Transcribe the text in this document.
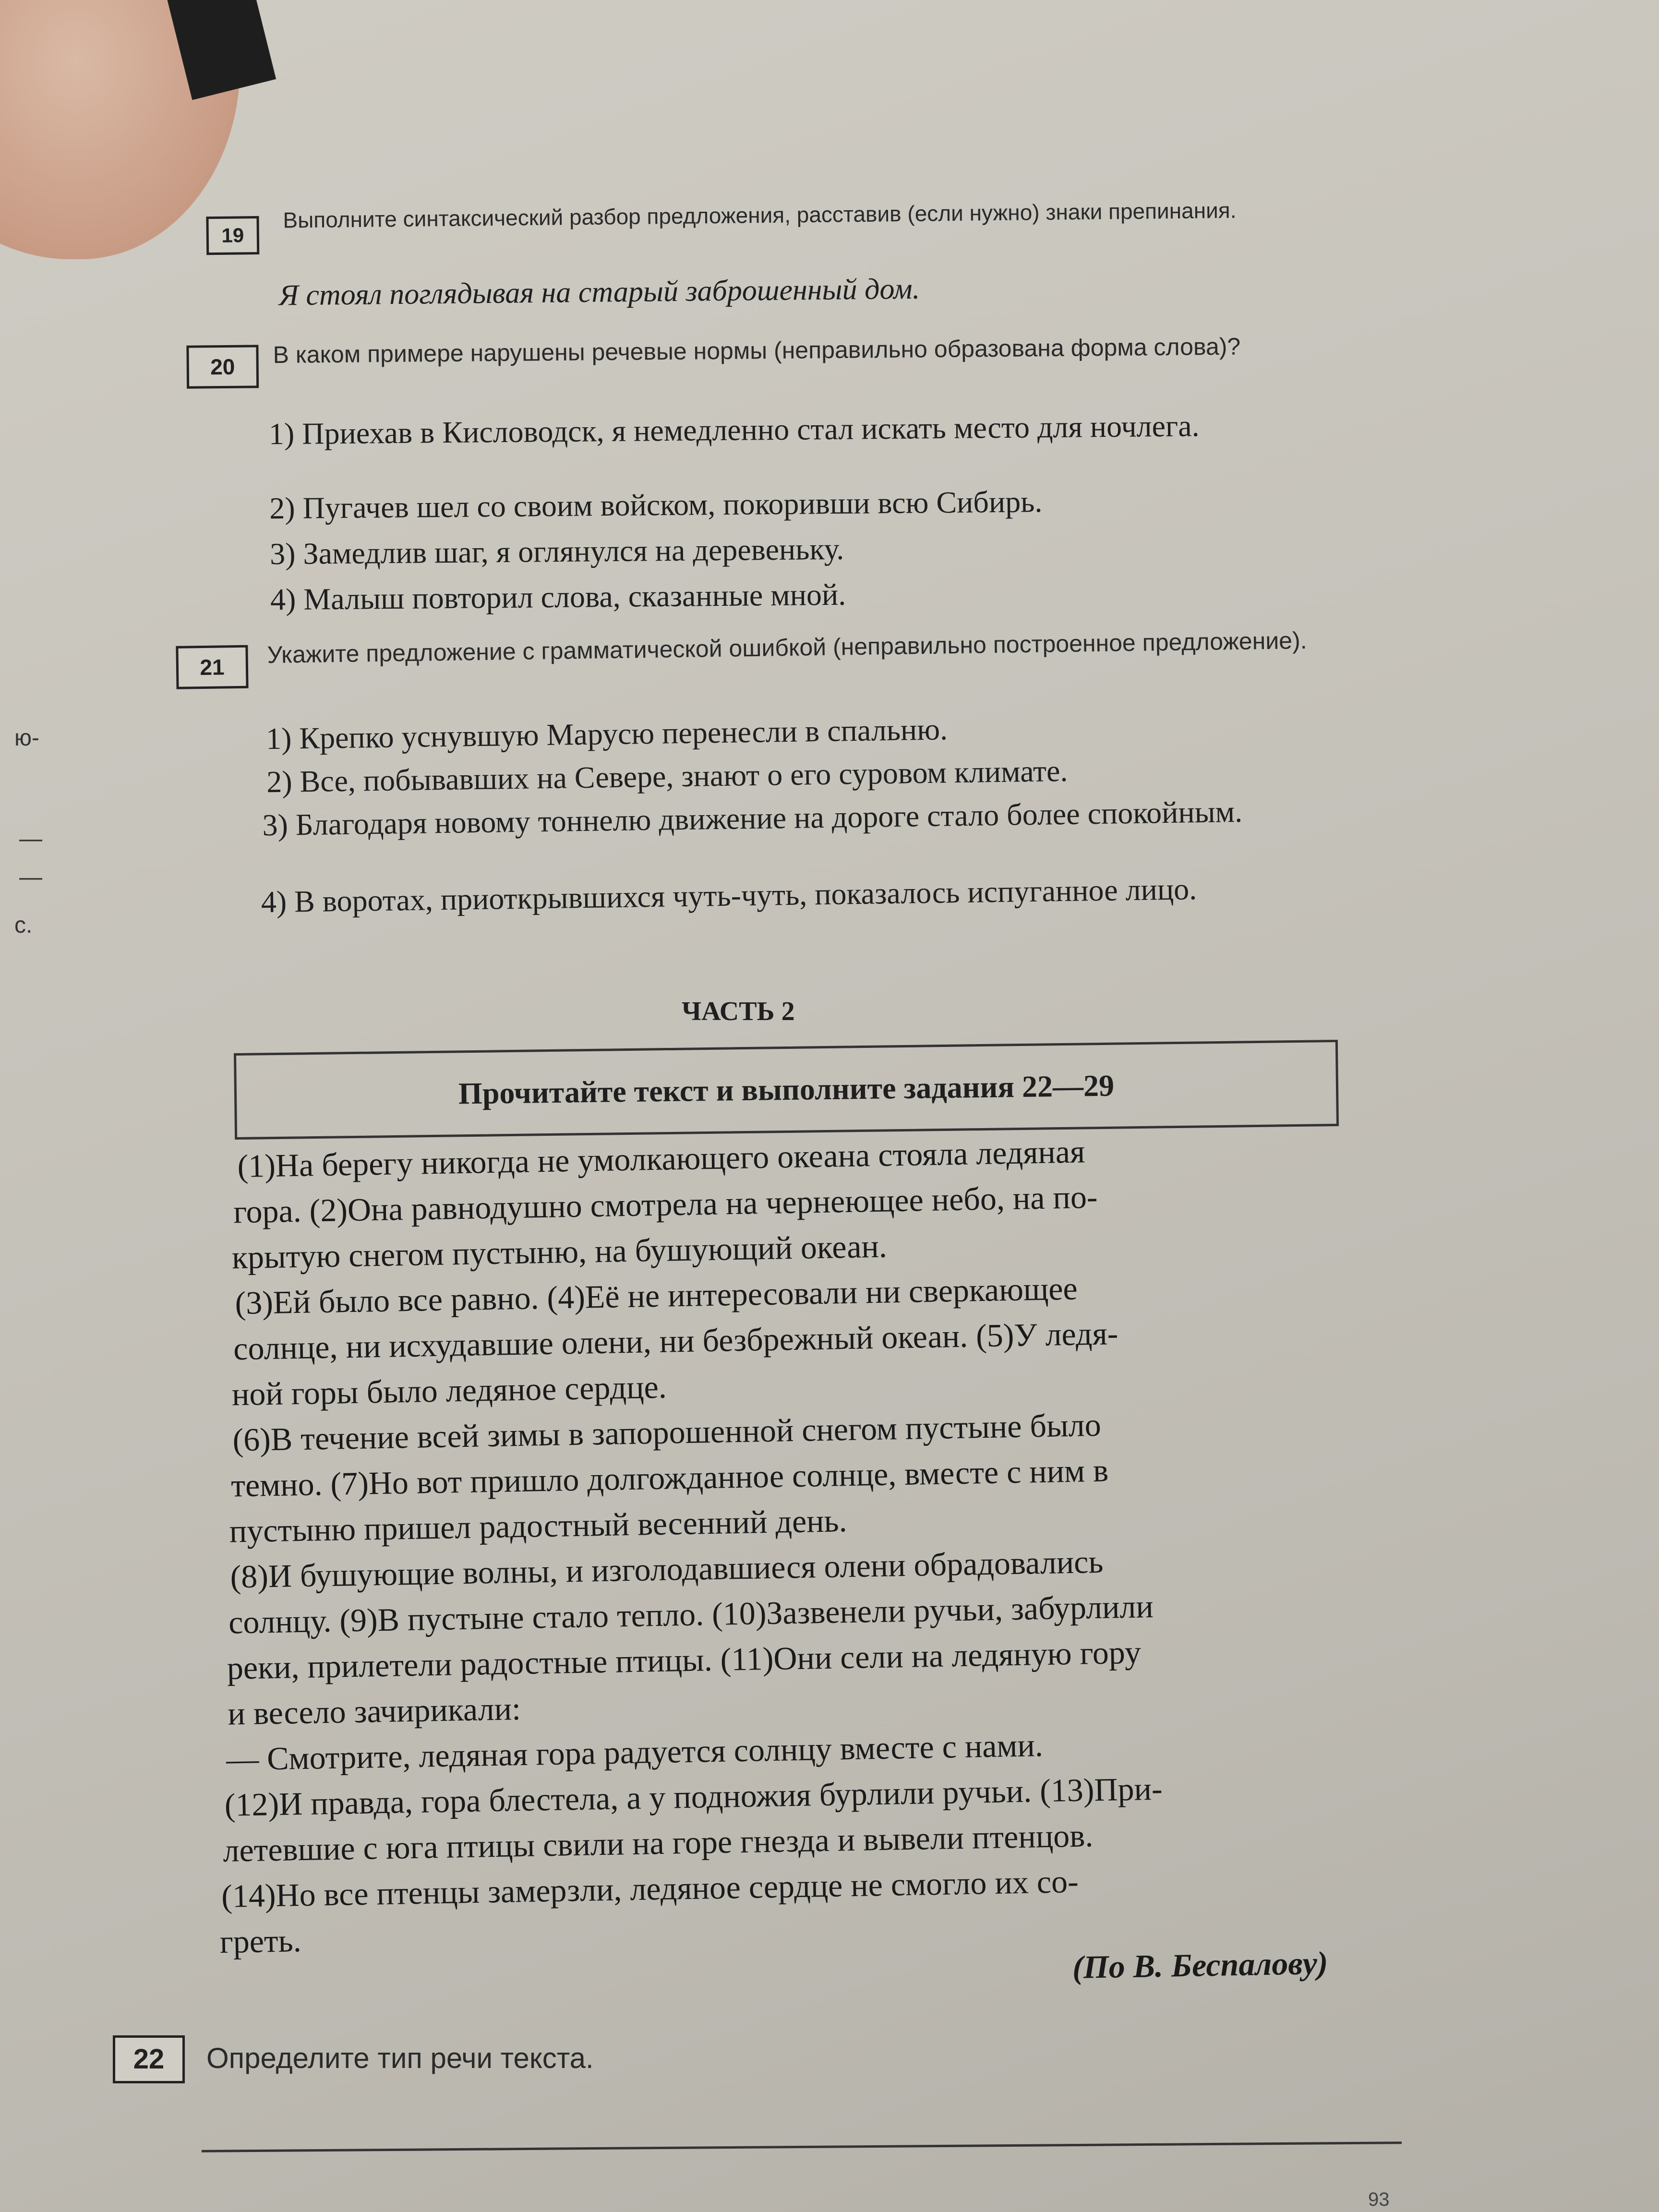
ю-
—
—
с.
19
Выполните синтаксический разбор предложения, расставив (если нужно) знаки препинания.
Я стоял поглядывая на старый заброшенный дом.
20	В каком примере нарушены речевые нормы (неправильно образована форма слова)?
1) Приехав в Кисловодск, я немедленно стал искать место для ночлега.
2) Пугачев шел со своим войском, покоривши всю Сибирь.
3) Замедлив шаг, я оглянулся на деревеньку.
4) Малыш повторил слова, сказанные мной.
21	Укажите предложение с грамматической ошибкой (неправильно построенное предложение).
1) Крепко уснувшую Марусю перенесли в спальню.
2) Все, побывавших на Севере, знают о его суровом климате.
3) Благодаря новому тоннелю движение на дороге стало более спокойным.
4) В воротах, приоткрывшихся чуть-чуть, показалось испуганное лицо.
ЧАСТЬ 2
Прочитайте текст и выполните задания 22—29
(1)На берегу никогда не умолкающего океана стояла ледяная
гора. (2)Она равнодушно смотрела на чернеющее небо, на по-
крытую снегом пустыню, на бушующий океан.
(3)Ей было все равно. (4)Её не интересовали ни сверкающее
солнце, ни исхудавшие олени, ни безбрежный океан. (5)У ледя-
ной горы было ледяное сердце.
(6)В течение всей зимы в запорошенной снегом пустыне было
темно. (7)Но вот пришло долгожданное солнце, вместе с ним в
пустыню пришел радостный весенний день.
(8)И бушующие волны, и изголодавшиеся олени обрадовались
солнцу. (9)В пустыне стало тепло. (10)Зазвенели ручьи, забурлили
реки, прилетели радостные птицы. (11)Они сели на ледяную гору
и весело зачирикали:
— Смотрите, ледяная гора радуется солнцу вместе с нами.
(12)И правда, гора блестела, а у подножия бурлили ручьи. (13)При-
летевшие с юга птицы свили на горе гнезда и вывели птенцов.
(14)Но все птенцы замерзли, ледяное сердце не смогло их со-
греть.
(По В. Беспалову)
22	Определите тип речи текста.
93
